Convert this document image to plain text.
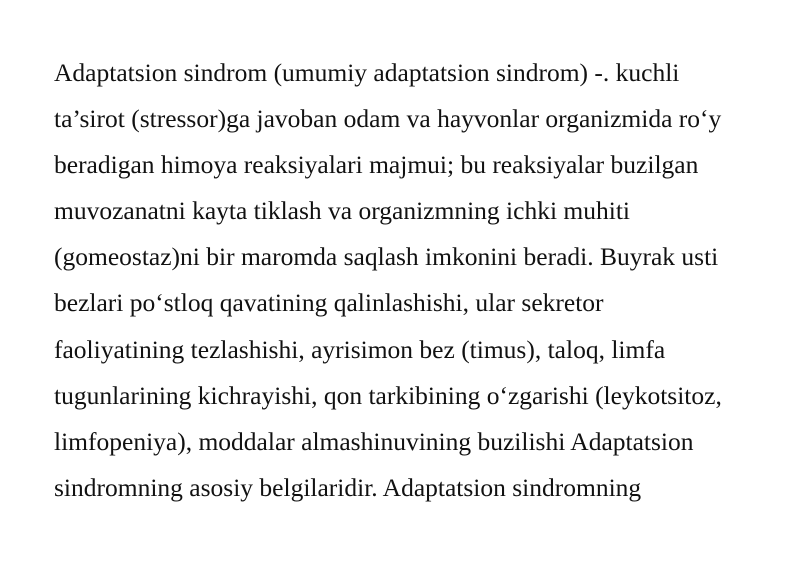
Adaptatsion sindrom (umumiy adaptatsion sindrom) -. kuchli
ta’sirot (stressor)ga javoban odam va hayvonlar organizmida ro‘y
beradigan himoya reaksiyalari majmui; bu reaksiyalar buzilgan
muvozanatni kayta tiklash va organizmning ichki muhiti
(gomeostaz)ni bir maromda saqlash imkonini beradi. Buyrak usti
bezlari po‘stloq qavatining qalinlashishi, ular sekretor
faoliyatining tezlashishi, ayrisimon bez (timus), taloq, limfa
tugunlarining kichrayishi, qon tarkibining o‘zgarishi (leykotsitoz,
limfopeniya), moddalar almashinuvining buzilishi Adaptatsion
sindromning asosiy belgilaridir. Adaptatsion sindromning
